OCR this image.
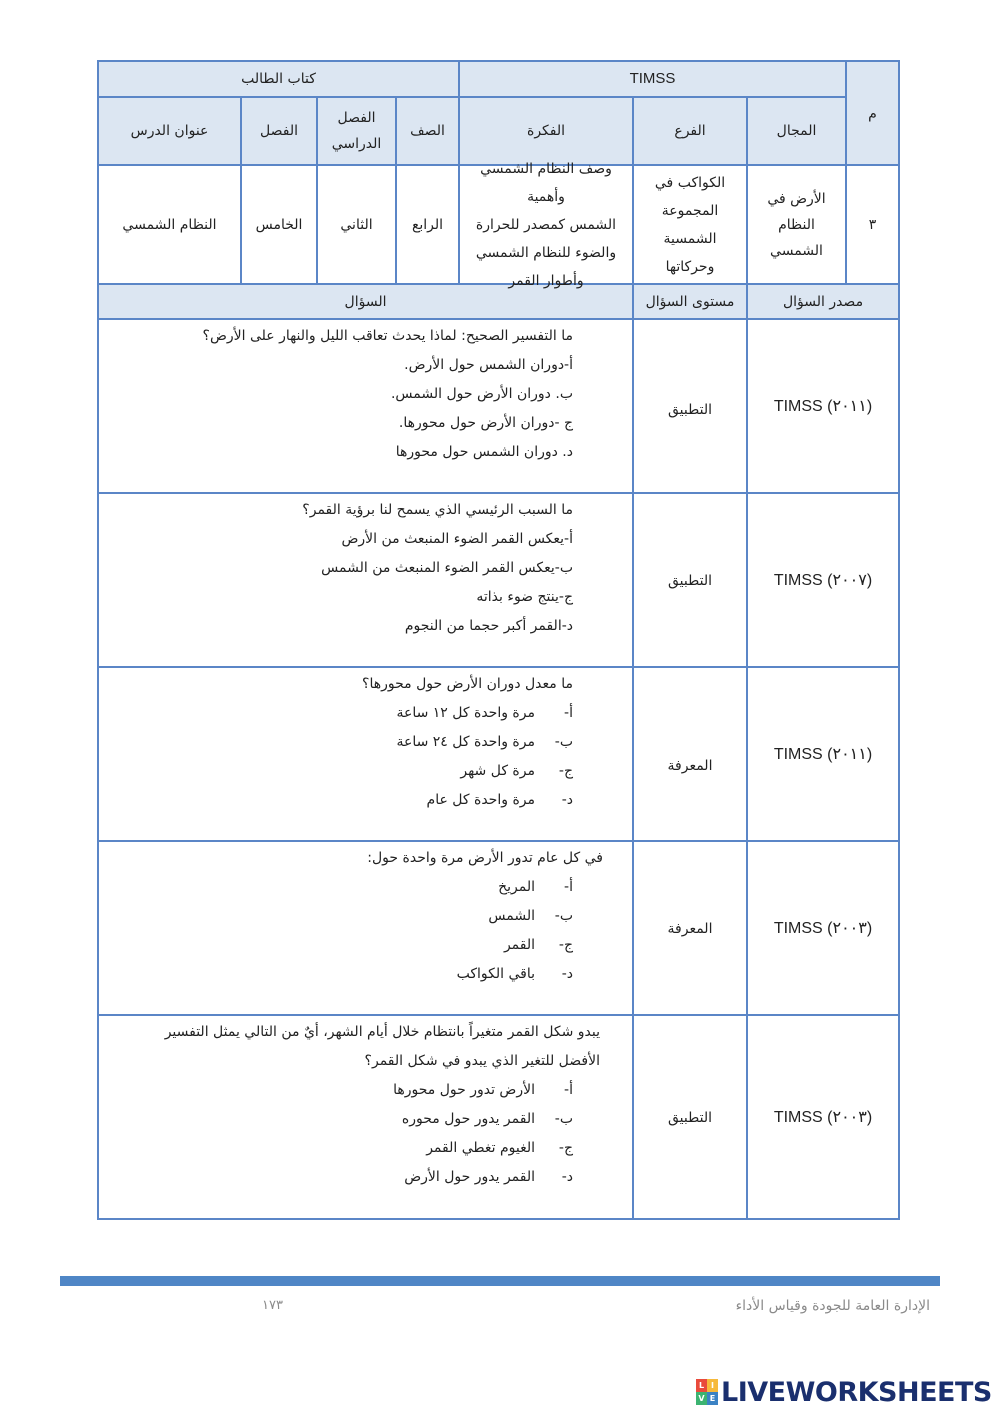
م
TIMSS
كتاب الطالب
المجال
الفرع
الفكرة
الصف
الفصل
الدراسي
الفصل
عنوان الدرس
٣
الأرض في
النظام
الشمسي
الكواكب في
المجموعة
الشمسية
وحركاتها
وصف النظام الشمسي وأهمية
الشمس كمصدر للحرارة
والضوء للنظام الشمسي
وأطوار القمر
الرابع
الثاني
الخامس
النظام الشمسي
مصدر السؤال
مستوى السؤال
السؤال
TIMSS (٢٠١١)
التطبيق
ما التفسير الصحيح: لماذا يحدث تعاقب الليل والنهار على الأرض؟
أ-دوران الشمس حول الأرض.
ب. دوران الأرض حول الشمس.
ج -دوران الأرض حول محورها.
د. دوران الشمس حول محورها
TIMSS (٢٠٠٧)
التطبيق
ما السبب الرئيسي الذي يسمح لنا برؤية القمر؟
أ-يعكس القمر الضوء المنبعث من الأرض
ب-يعكس القمر الضوء المنبعث من الشمس
ج-ينتج ضوء بذاته
د-القمر أكبر حجما من النجوم
TIMSS (٢٠١١)
المعرفة
ما معدل دوران الأرض حول محورها؟
أ-مرة واحدة كل ١٢ ساعة
ب-مرة واحدة كل ٢٤ ساعة
ج-مرة كل شهر
د-مرة واحدة كل عام
TIMSS (٢٠٠٣)
المعرفة
في كل عام تدور الأرض مرة واحدة حول:
أ-المريخ
ب-الشمس
ج-القمر
د-باقي الكواكب
TIMSS (٢٠٠٣)
التطبيق
يبدو شكل القمر متغيراً بانتظام خلال أيام الشهر، أيٌ من التالي يمثل التفسير
الأفضل للتغير الذي يبدو في شكل القمر؟
أ-الأرض تدور حول محورها
ب-القمر يدور حول محوره
ج-الغيوم تغطي القمر
د-القمر يدور حول الأرض
الإدارة العامة للجودة وقياس الأداء
١٧٣
L I
V E LIVEWORKSHEETS
